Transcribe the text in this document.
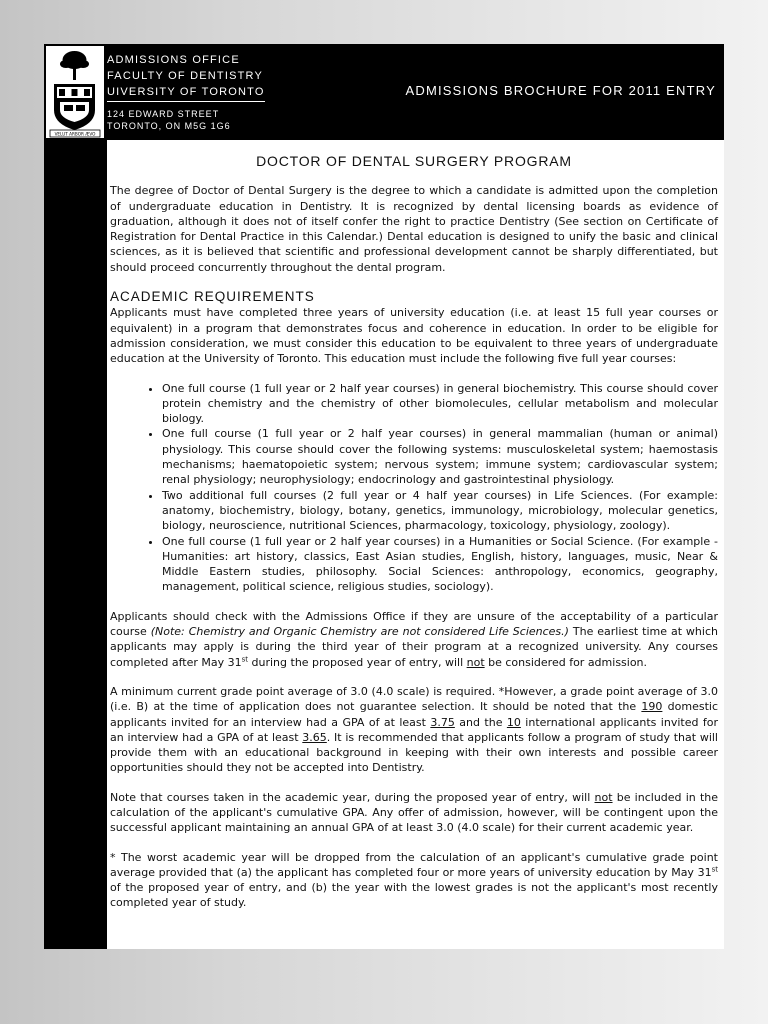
VELUT ARBOR ÆVO
ADMISSIONS OFFICE
FACULTY OF DENTISTRY
UIVERSITY OF TORONTO
124 EDWARD STREET
TORONTO, ON M5G 1G6
ADMISSIONS BROCHURE FOR 2011 ENTRY
DOCTOR OF DENTAL SURGERY PROGRAM

The degree of Doctor of Dental Surgery is the degree to which a candidate is admitted upon the completion of undergraduate education in Dentistry. It is recognized by dental licensing boards as evidence of graduation, although it does not of itself confer the right to practice Dentistry (See section on Certificate of Registration for Dental Practice in this Calendar.) Dental education is designed to unify the basic and clinical sciences, as it is believed that scientific and professional development cannot be sharply differentiated, but should proceed concurrently throughout the dental program.

ACADEMIC REQUIREMENTS

Applicants must have completed three years of university education (i.e. at least 15 full year courses or equivalent) in a program that demonstrates focus and coherence in education. In order to be eligible for admission consideration, we must consider this education to be equivalent to three years of undergraduate education at the University of Toronto. This education must include the following five full year courses:

• One full course (1 full year or 2 half year courses) in general biochemistry. This course should cover protein chemistry and the chemistry of other biomolecules, cellular metabolism and molecular biology.
• One full course (1 full year or 2 half year courses) in general mammalian (human or animal) physiology. This course should cover the following systems: musculoskeletal system; haemostasis mechanisms; haematopoietic system; nervous system; immune system; cardiovascular system; renal physiology; neurophysiology; endocrinology and gastrointestinal physiology.
• Two additional full courses (2 full year or 4 half year courses) in Life Sciences. (For example: anatomy, biochemistry, biology, botany, genetics, immunology, microbiology, molecular genetics, biology, neuroscience, nutritional Sciences, pharmacology, toxicology, physiology, zoology).
• One full course (1 full year or 2 half year courses) in a Humanities or Social Science. (For example - Humanities: art history, classics, East Asian studies, English, history, languages, music, Near & Middle Eastern studies, philosophy. Social Sciences: anthropology, economics, geography, management, political science, religious studies, sociology).

Applicants should check with the Admissions Office if they are unsure of the acceptability of a particular course (Note: Chemistry and Organic Chemistry are not considered Life Sciences.) The earliest time at which applicants may apply is during the third year of their program at a recognized university. Any courses completed after May 31st during the proposed year of entry, will not be considered for admission.

A minimum current grade point average of 3.0 (4.0 scale) is required. *However, a grade point average of 3.0 (i.e. B) at the time of application does not guarantee selection. It should be noted that the 190 domestic applicants invited for an interview had a GPA of at least 3.75 and the 10 international applicants invited for an interview had a GPA of at least 3.65. It is recommended that applicants follow a program of study that will provide them with an educational background in keeping with their own interests and possible career opportunities should they not be accepted into Dentistry.

Note that courses taken in the academic year, during the proposed year of entry, will not be included in the calculation of the applicant's cumulative GPA. Any offer of admission, however, will be contingent upon the successful applicant maintaining an annual GPA of at least 3.0 (4.0 scale) for their current academic year.

* The worst academic year will be dropped from the calculation of an applicant's cumulative grade point average provided that (a) the applicant has completed four or more years of university education by May 31st of the proposed year of entry, and (b) the year with the lowest grades is not the applicant's most recently completed year of study.
